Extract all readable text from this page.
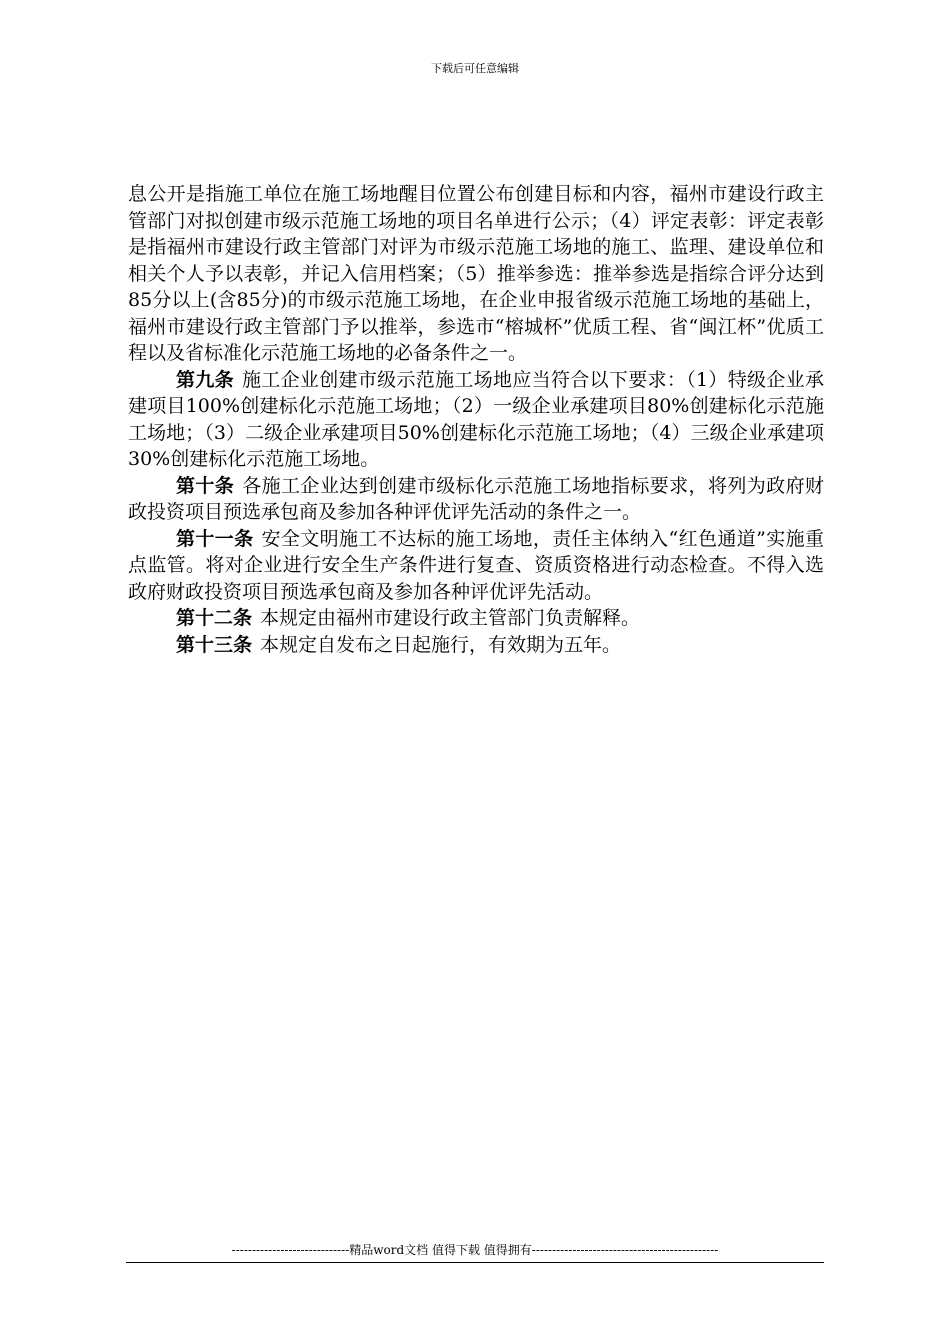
下载后可任意编辑

息公开是指施工单位在施工场地醒目位置公布创建目标和内容，福州市建设行政主管部门对拟创建市级示范施工场地的项目名单进行公示；（4）评定表彰：评定表彰是指福州市建设行政主管部门对评为市级示范施工场地的施工、监理、建设单位和相关个人予以表彰，并记入信用档案；（5）推举参选：推举参选是指综合评分达到85分以上(含85分)的市级示范施工场地，在企业申报省级示范施工场地的基础上，福州市建设行政主管部门予以推举，参选市“榕城杯”优质工程、省“闽江杯”优质工程以及省标准化示范施工场地的必备条件之一。

第九条 施工企业创建市级示范施工场地应当符合以下要求：（1）特级企业承建项目100%创建标化示范施工场地；（2）一级企业承建项目80%创建标化示范施工场地；（3）二级企业承建项目50%创建标化示范施工场地；（4）三级企业承建项30%创建标化示范施工场地。

第十条 各施工企业达到创建市级标化示范施工场地指标要求，将列为政府财政投资项目预选承包商及参加各种评优评先活动的条件之一。

第十一条 安全文明施工不达标的施工场地，责任主体纳入“红色通道”实施重点监管。将对企业进行安全生产条件进行复查、资质资格进行动态检查。不得入选政府财政投资项目预选承包商及参加各种评优评先活动。

第十二条 本规定由福州市建设行政主管部门负责解释。

第十三条 本规定自发布之日起施行，有效期为五年。

-----------------------------精品word文档 值得下载 值得拥有----------------------------------------------
